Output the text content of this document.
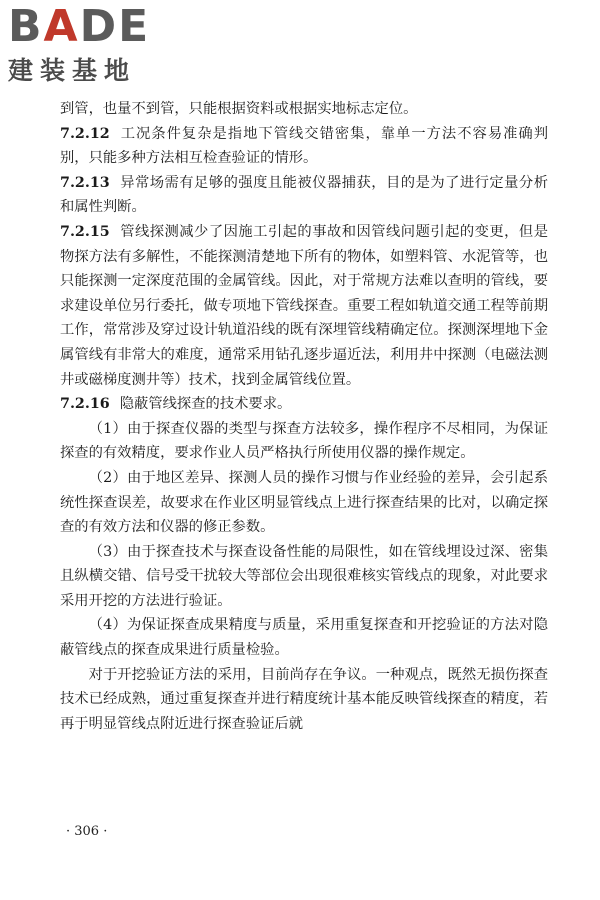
BADE
建装基地

到管，也量不到管，只能根据资料或根据实地标志定位。

7.2.12 工况条件复杂是指地下管线交错密集，靠单一方法不容易准确判别，只能多种方法相互检查验证的情形。

7.2.13 异常场需有足够的强度且能被仪器捕获，目的是为了进行定量分析和属性判断。

7.2.15 管线探测减少了因施工引起的事故和因管线问题引起的变更，但是物探方法有多解性，不能探测清楚地下所有的物体，如塑料管、水泥管等，也只能探测一定深度范围的金属管线。因此，对于常规方法难以查明的管线，要求建设单位另行委托，做专项地下管线探查。重要工程如轨道交通工程等前期工作，常常涉及穿过设计轨道沿线的既有深埋管线精确定位。探测深埋地下金属管线有非常大的难度，通常采用钻孔逐步逼近法，利用井中探测（电磁法测井或磁梯度测井等）技术，找到金属管线位置。

7.2.16 隐蔽管线探查的技术要求。

（1）由于探查仪器的类型与探查方法较多，操作程序不尽相同，为保证探查的有效精度，要求作业人员严格执行所使用仪器的操作规定。

（2）由于地区差异、探测人员的操作习惯与作业经验的差异，会引起系统性探查误差，故要求在作业区明显管线点上进行探查结果的比对，以确定探查的有效方法和仪器的修正参数。

（3）由于探查技术与探查设备性能的局限性，如在管线埋设过深、密集且纵横交错、信号受干扰较大等部位会出现很难核实管线点的现象，对此要求采用开挖的方法进行验证。

（4）为保证探查成果精度与质量，采用重复探查和开挖验证的方法对隐蔽管线点的探查成果进行质量检验。

对于开挖验证方法的采用，目前尚存在争议。一种观点，既然无损伤探查技术已经成熟，通过重复探查并进行精度统计基本能反映管线探查的精度，若再于明显管线点附近进行探查验证后就

· 306 ·
